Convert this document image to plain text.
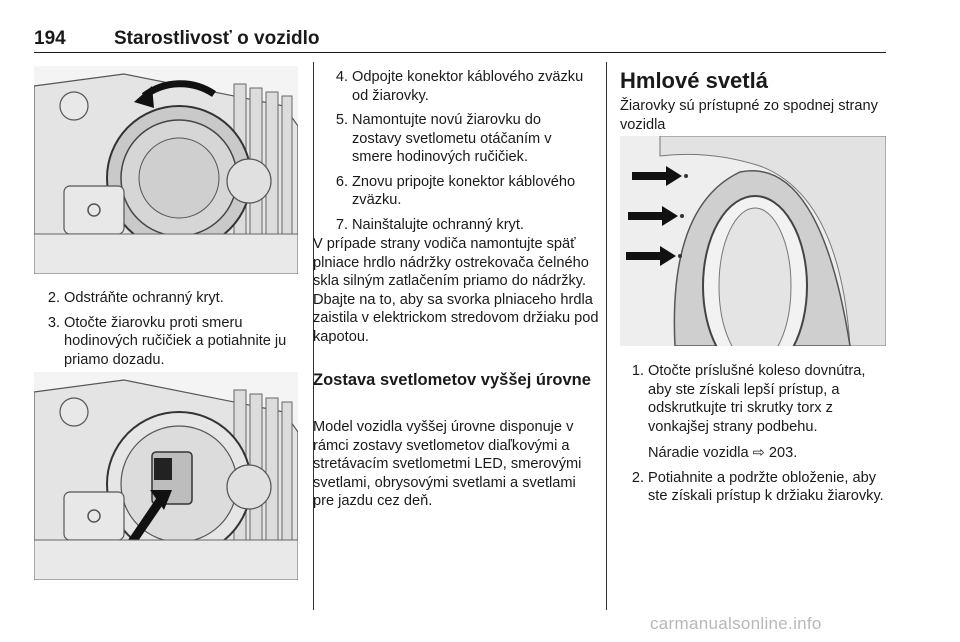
194	Starostlivosť o vozidlo
2. Odstráňte ochranný kryt.
3. Otočte žiarovku proti smeru hodinových ručičiek a potiahnite ju priamo dozadu.
4. Odpojte konektor káblového zväzku od žiarovky.
5. Namontujte novú žiarovku do zostavy svetlometu otáčaním v smere hodinových ručičiek.
6. Znovu pripojte konektor káblového zväzku.
7. Nainštalujte ochranný kryt.

V prípade strany vodiča namontujte späť plniace hrdlo nádržky ostrekovača čelného skla silným zatlačením priamo do nádržky. Dbajte na to, aby sa svorka plniaceho hrdla zaistila v elektrickom stredovom držiaku pod kapotou.

Zostava svetlometov vyššej úrovne

Model vozidla vyššej úrovne disponuje v rámci zostavy svetlometov diaľkovými a stretávacím svetlometmi LED, smerovými svetlami, obrysovými svetlami a svetlami pre jazdu cez deň.

Hmlové svetlá

Žiarovky sú prístupné zo spodnej strany vozidla

1. Otočte príslušné koleso dovnútra, aby ste získali lepší prístup, a odskrutkujte tri skrutky torx z vonkajšej strany podbehu.
Náradie vozidla ⇨ 203.
2. Potiahnite a podržte obloženie, aby ste získali prístup k držiaku žiarovky.
carmanualsonline.info
